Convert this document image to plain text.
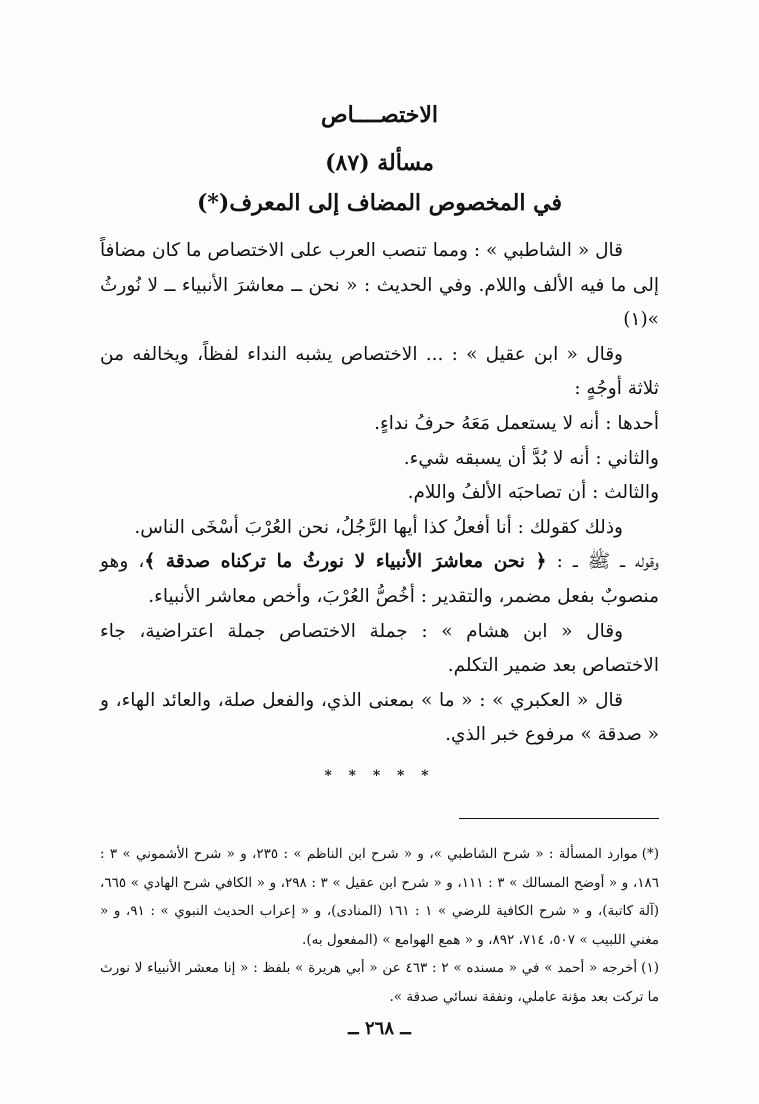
الاختصــــاص
مسألة (٨٧)
في المخصوص المضاف إلى المعرف(*)

قال « الشاطبي » : ومما تنصب العرب على الاختصاص ما كان مضافاً إلى ما فيه الألف واللام. وفي الحديث : « نحن ــ معاشرَ الأنبياء ــ لا نُورثُ »(١)

وقال « ابن عقيل » : ... الاختصاص يشبه النداء لفظاً، ويخالفه من ثلاثة أوجُهٍ :

أحدها : أنه لا يستعمل مَعَهُ حرفُ نداءٍ.

والثاني : أنه لا بُدَّ أن يسبقه شيء.

والثالث : أن تصاحبَه الألفُ واللام.

وذلك كقولك : أنا أفعلُ كذا أيها الرَّجُلُ، نحن العُرْبَ أسْخَى الناس.

وقوله ــ ﷺ ــ : ﴿ نحن معاشرَ الأنبياء لا نورثُ ما تركناه صدقة ﴾، وهو منصوبٌ بفعل مضمر، والتقدير : أخُصُّ العُرْبَ، وأخص معاشر الأنبياء.

وقال « ابن هشام » : جملة الاختصاص جملة اعتراضية، جاء الاختصاص بعد ضمير التكلم.

قال « العكبري » : « ما » بمعنى الذي، والفعل صلة، والعائد الهاء، و « صدقة » مرفوع خبر الذي.

* * * * *

(*)موارد المسألة : « شرح الشاطبي »، و « شرح ابن الناظم » : ٢٣٥، و « شرح الأشموني » ٣ : ١٨٦، و « أوضح المسالك » ٣ : ١١١، و « شرح ابن عقيل » ٣ : ٢٩٨، و « الكافي شرح الهادي » ٦٦٥، (آلة كاتبة)، و « شرح الكافية للرضي » ١ : ١٦١ (المنادى)، و « إعراب الحديث النبوي » : ٩١، و « مغني اللبيب » ٥٠٧، ٧١٤، ٨٩٢، و « همع الهوامع » (المفعول به).

(١)أخرجه « أحمد » في « مسنده » ٢ : ٤٦٣ عن « أبي هريرة » بلفظ : « إنا معشر الأنبياء لا نورث ما تركت بعد مؤنة عاملي، ونفقة نسائي صدقة ».

ــ ٢٦٨ ــ
